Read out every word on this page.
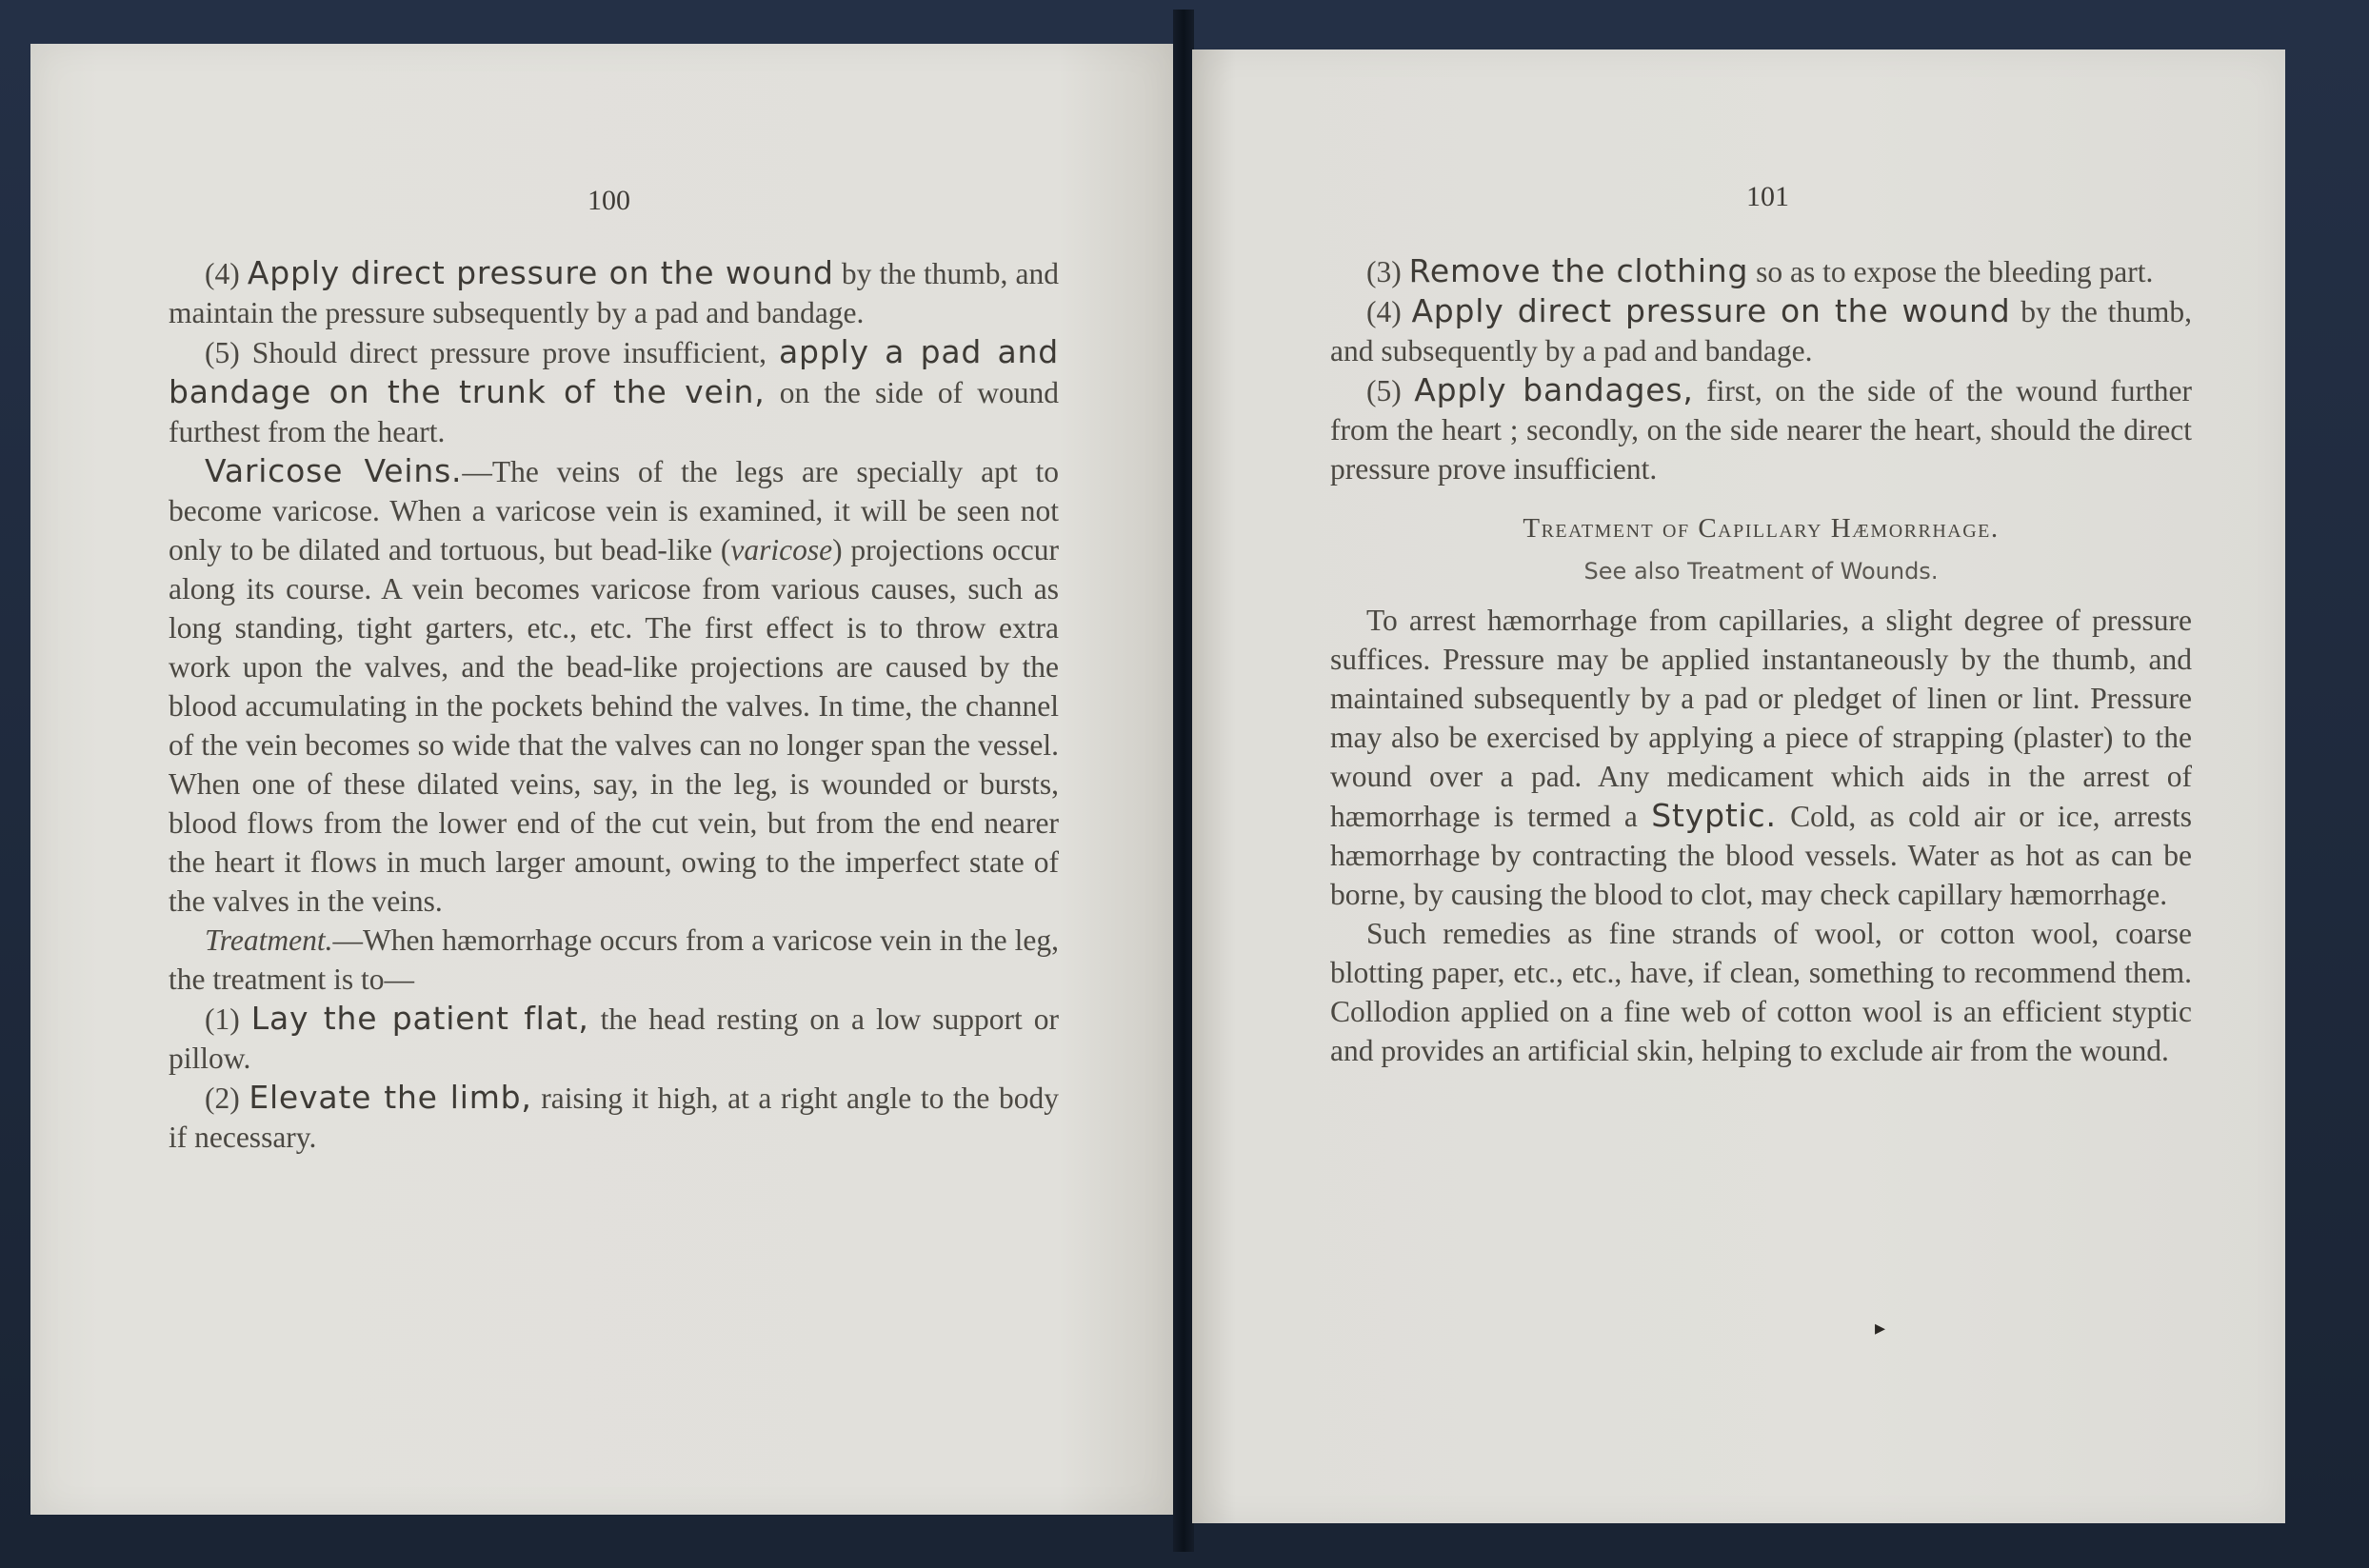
100

(4) Apply direct pressure on the wound by the thumb, and maintain the pressure subsequently by a pad and bandage.

(5) Should direct pressure prove insufficient, apply a pad and bandage on the trunk of the vein, on the side of wound furthest from the heart.

Varicose Veins.—The veins of the legs are specially apt to become varicose. When a varicose vein is examined, it will be seen not only to be dilated and tortuous, but bead-like (varicose) projections occur along its course. A vein becomes varicose from various causes, such as long standing, tight garters, etc., etc. The first effect is to throw extra work upon the valves, and the bead-like projections are caused by the blood accumulating in the pockets behind the valves. In time, the channel of the vein becomes so wide that the valves can no longer span the vessel. When one of these dilated veins, say, in the leg, is wounded or bursts, blood flows from the lower end of the cut vein, but from the end nearer the heart it flows in much larger amount, owing to the imperfect state of the valves in the veins.

Treatment.—When hæmorrhage occurs from a varicose vein in the leg, the treatment is to—

(1) Lay the patient flat, the head resting on a low support or pillow.

(2) Elevate the limb, raising it high, at a right angle to the body if necessary.

101

(3) Remove the clothing so as to expose the bleeding part.

(4) Apply direct pressure on the wound by the thumb, and subsequently by a pad and bandage.

(5) Apply bandages, first, on the side of the wound further from the heart ; secondly, on the side nearer the heart, should the direct pressure prove insufficient.

Treatment of Capillary Hæmorrhage.
See also Treatment of Wounds.

To arrest hæmorrhage from capillaries, a slight degree of pressure suffices. Pressure may be applied instantaneously by the thumb, and maintained subsequently by a pad or pledget of linen or lint. Pressure may also be exercised by applying a piece of strapping (plaster) to the wound over a pad. Any medicament which aids in the arrest of hæmorrhage is termed a Styptic. Cold, as cold air or ice, arrests hæmorrhage by contracting the blood vessels. Water as hot as can be borne, by causing the blood to clot, may check capillary hæmorrhage.

Such remedies as fine strands of wool, or cotton wool, coarse blotting paper, etc., etc., have, if clean, something to recommend them. Collodion applied on a fine web of cotton wool is an efficient styptic and provides an artificial skin, helping to exclude air from the wound.

▸
